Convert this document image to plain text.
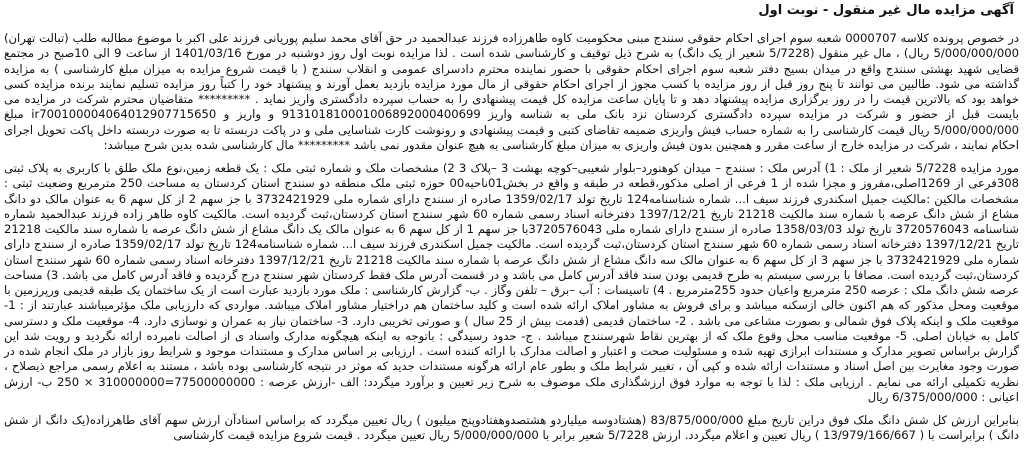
آگهی مزایده مال غیر منقول - نوبت اول

در خصوص پرونده کلاسه 0000707 شعبه سوم اجرای احکام حقوقی سنندج مبنی محکومیت کاوه طاهرزاده فرزند عبدالحمید در حق آقای محمد سلیم پوریانی فرزند علی اکبر با موضوع مطالبه طلب (تبالت تهران) 5/000/000/000 ریال) ، مال غیر منقول (5/7228 شعیر از یک دانگ) به شرح ذیل توقیف و کارشناسی شده است . لذا مزایده نوبت اول روز دوشنبه در مورخ 1401/03/16 از ساعت 9 الی 10صبح در مجتمع قضایی شهید بهشتی سنندج واقع در میدان بسیج دفتر شعبه سوم اجرای احکام حقوقی با حضور نماینده محترم دادسرای عمومی و انقلاب سنندج ( با قیمت شروع مزایده به میزان مبلغ کارشناسی ) به مزایده گذاشته می شود. طالبین می توانند تا پنج روز قبل از روز مزایده با کسب مجوز از اجرای احکام حقوقی از مال مورد مزایده بازدید بعمل آورند و پیشنهاد خود را کتباً روز مزایده تسلیم نمایند برنده مزایده کسی خواهد بود که بالاترین قیمت را در روز برگزاری مزایده پیشنهاد دهد و تا پایان ساعت مزایده کل قیمت پیشنهادی را به حساب سپرده دادگستری واریز نماید . ********* متقاضیان محترم شرکت در مزایده می بایست قبل از حضور و شرکت در مزایده سپرده دادگستری کردستان نزد بانک ملی به شناسه واریز 913101810001006892000400699 و واریز و ir700100004064012907715650 مبلغ 5/000/000/000 ریال قیمت کارشناسی را به شماره حساب فیش واریزی ضمیمه تقاضای کتبی و قیمت پیشنهادی و رونوشت کارت شناسایی ملی و در پاکت دربسته تا به صورت دربسته داخل پاکت تحویل اجرای احکام نمایند ، شرکت در مزایده خارج از ساعت مقرر و همچنین بدون فیش واریزی به میزان مبلغ کارشناسی به هیچ عنوان مقدور نمی باشد ********* مال کارشناسی شده بدین شرح میباشد:

مورد مزایده 5/7228 شعیر از ملک : 1) آدرس ملک : سنندج – میدان کوهنورد–بلوار شعیبی–کوچه بهشت 3 –پلاک 3 2) مشخصات ملک و شماره ثبتی ملک : یک قطعه زمین،نوع ملک طلق با کاربری به پلاک ثبتی 308فرعی از 1269اصلی،مفروز و مجزا شده از 1 فرعی از اصلی مذکور،قطعه در طبقه و واقع در بخش01ناحیه00 حوزه ثبتی ملک منطقه دو سنندج استان کردستان به مساحت 250 مترمربع وضعیت ثبتی : مشخصات مالکین :مالکیت جمیل اسکندری فرزند سیف ا... شماره شناسنامه124 تاریخ تولد 1359/02/17 صادره از سنندج دارای شماره ملی 3732421929 با جز سهم 2 از کل سهم 6 به عنوان مالک دو دانگ مشاع از شش دانگ عرصه با شماره سند مالکیت 21218 تاریخ 1397/12/21 دفترخانه اسناد رسمی شماره 60 شهر سنندج استان کردستان،ثبت گردیده است. مالکیت کاوه طاهر زاده فرزند عبدالحمید شماره شناسنامه 3720576043 تاریخ تولد 1358/03/03 صادره از سنندج دارای شماره ملی 3720576043با جز سهم 1 از کل سهم 6 به عنوان مالک یک دانگ مشاع از شش دانگ عرصه با شماره سند مالکیت 21218 تاریخ 1397/12/21 دفترخانه اسناد رسمی شماره 60 شهر سنندج استان کردستان،ثبت گردیده است. مالکیت جمیل اسکندری فرزند سیف ا... شماره شناسنامه124 تاریخ تولد 1359/02/17 صادره از سنندج دارای شماره ملی 3732421929 با جز سهم 3 از کل سهم 6 به عنوان مالک سه دانگ مشاع از شش دانگ عرصه با شماره سند مالکیت 21218 تاریخ 1397/12/21 دفترخانه اسناد رسمی شماره 60 شهر سنندج استان کردستان،ثبت گردیده است. مصافا با بررسی سیستم به طرح قدیمی بودن سند فاقد آدرس کامل می باشد و در قسمت آدرس ملک فقط کردستان شهر سنندج درج گردیده و فاقد آدرس کامل می باشد. 3) مساحت عرصه شش دانگ ملک : عرصه 250 مترمربع واعیان حدود 255مترمربع . 4) تاسیسات : آب –برق – تلفن وگاز . ب- گزارش کارشناسی : ملک مورد بازدید عبارت است از یک ساختمان یک طبقه قدیمی ورپرزمین با موقعیت ومحل مذکور که هم اکنون خالی ازسکنه میباشد و برای فروش به مشاور املاک ارائه شده است و کلید ساختمان هم دراختیار مشاور املاک میباشد. مواردی که دارزیابی ملک مؤثرمیباشند عبارتند از : 1- موقعیت ملک و اینکه پلاک فوق شمالی و بصورت مشاعی می باشد . 2- ساختمان قدیمی (قدمت بیش از 25 سال ) و صورتی تخریبی دارد. 3- ساختمان نیاز به عمران و نوسازی دارد. 4- موقعیت ملک و دسترسی کامل به خیابان اصلی. 5- موقعیت مناسب محل وقوع ملک که از بهترین نقاط شهرسنندج میباشد . ج- حدود رسیدگی : باتوجه به اینکه هیچگونه مدارک واسناد ی از اصالت نامبرده ارائه نگردید و رویت شد این گزارش براساس تصویر مدارک و مستندات ابرازی تهیه شده و مسئولیت صحت و اعتبار و اصالت مدارک با ارائه کننده است . ارزیابی بر اساس مدارک و مستندات موجود و شرایط روز بازار در ملک انجام شده در صورت وجود مغایرت بین اصل اسناد و مستندات ارائه شده و کپی آن ، تغییر شرایط ملک و بطور عام ارائه هرگونه مستندات جدید که موثر در نتیجه کارشناسی بوده باشد ، مستند به اعلام رسمی مراجع ذیصلاح ، نظریه تکمیلی ارائه می نمایم . ارزیابی ملک : لذا با توجه به موارد فوق ارزشگذاری ملک موصوف به شرح زیر تعیین و برآورد میگردد: الف -ارزش عرصه : 77500000000=310000000 × 250 ب- ارزش اعیانی : 6/375/000/000 ریال

بنابراین ارزش کل شش دانگ ملک فوق دراین تاریخ مبلغ 83/875/000/000 (هشتادوسه میلیاردو هشتصدوهفتادوپنج میلیون ) ریال تعیین میگردد که براساس اسنادآن ارزش سهم آقای طاهرزاده(یک دانگ از شش دانگ ) برابراست با ( 13/979/166/667 ) ریال تعیین و اعلام میگردد. ارزش 5/7228 شعیر برابر با 5/000/000/000 ریال تعیین میگردد . قیمت شروع مزایده قیمت کارشناسی
